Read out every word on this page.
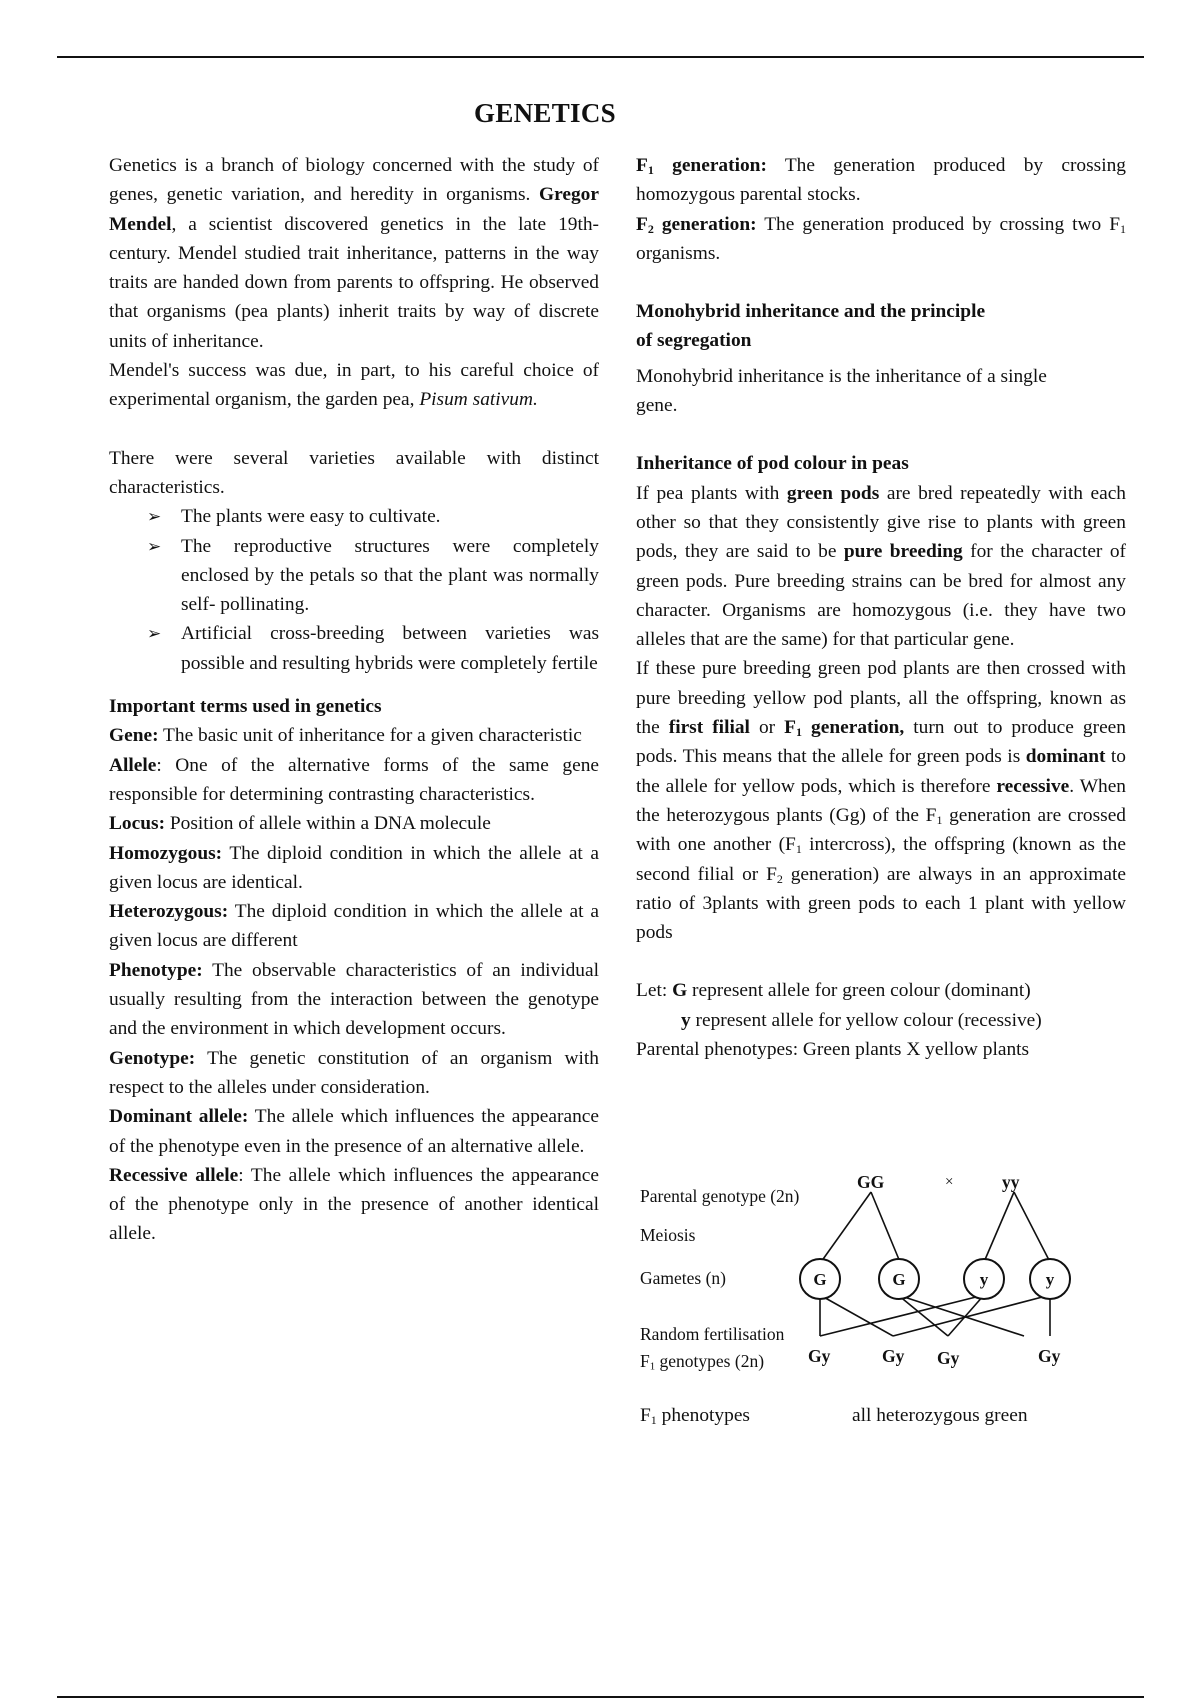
GENETICS

Genetics is a branch of biology concerned with the study of genes, genetic variation, and heredity in organisms. Gregor Mendel, a scientist discovered genetics in the late 19th-century. Mendel studied trait inheritance, patterns in the way traits are handed down from parents to offspring. He observed that organisms (pea plants) inherit traits by way of discrete units of inheritance.

Mendel's success was due, in part, to his careful choice of experimental organism, the garden pea, Pisum sativum.

There were several varieties available with distinct characteristics.

➢ The plants were easy to cultivate.
➢ The reproductive structures were completely enclosed by the petals so that the plant was normally self- pollinating.
➢ Artificial cross-breeding between varieties was possible and resulting hybrids were completely fertile

Important terms used in genetics

Gene: The basic unit of inheritance for a given characteristic

Allele: One of the alternative forms of the same gene responsible for determining contrasting characteristics.

Locus: Position of allele within a DNA molecule

Homozygous: The diploid condition in which the allele at a given locus are identical.

Heterozygous: The diploid condition in which the allele at a given locus are different

Phenotype: The observable characteristics of an individual usually resulting from the interaction between the genotype and the environment in which development occurs.

Genotype: The genetic constitution of an organism with respect to the alleles under consideration.

Dominant allele: The allele which influences the appearance of the phenotype even in the presence of an alternative allele.

Recessive allele: The allele which influences the appearance of the phenotype only in the presence of another identical allele.

$F_1$ generation: The generation produced by crossing homozygous parental stocks.

$F_2$ generation: The generation produced by crossing two $F_1$ organisms.

Monohybrid inheritance and the principle
of segregation

Monohybrid inheritance is the inheritance of a single gene.

Inheritance of pod colour in peas

If pea plants with green pods are bred repeatedly with each other so that they consistently give rise to plants with green pods, they are said to be pure breeding for the character of green pods. Pure breeding strains can be bred for almost any character. Organisms are homozygous (i.e. they have two alleles that are the same) for that particular gene.

If these pure breeding green pod plants are then crossed with pure breeding yellow pod plants, all the offspring, known as the first filial or $F_1$ generation, turn out to produce green pods. This means that the allele for green pods is dominant to the allele for yellow pods, which is therefore recessive. When the heterozygous plants (Gg) of the $F_1$ generation are crossed with one another ($F_1$ intercross), the offspring (known as the second filial or $F_2$ generation) are always in an approximate ratio of 3plants with green pods to each 1 plant with yellow pods

Let: G represent allele for green colour (dominant)

y represent allele for yellow colour (recessive)

Parental phenotypes: Green plants X yellow plants

Parental genotype (2n)
Meiosis
Gametes (n)
Random fertilisation
$F_1$ genotypes (2n)
GG	×	yy
G	G	y	y
Gy	Gy Gy	Gy
$F_1$ phenotypes	all heterozygous green
